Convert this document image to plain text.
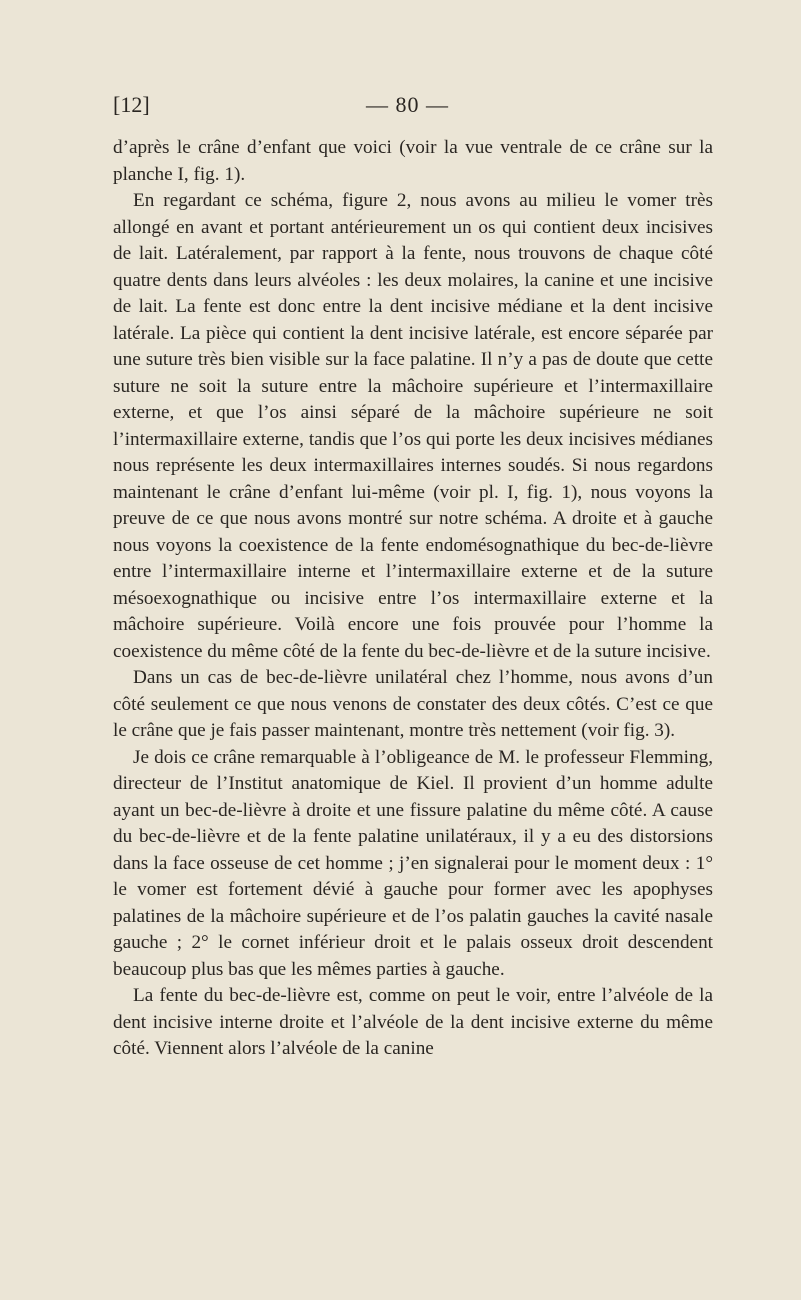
[12]	— 80 —

d’après le crâne d’enfant que voici (voir la vue ventrale de ce crâne sur la planche I, fig. 1).

En regardant ce schéma, figure 2, nous avons au milieu le vomer très allongé en avant et portant antérieurement un os qui contient deux incisives de lait. Latéralement, par rapport à la fente, nous trouvons de chaque côté quatre dents dans leurs alvéoles : les deux molaires, la canine et une incisive de lait. La fente est donc entre la dent incisive médiane et la dent incisive latérale. La pièce qui contient la dent incisive latérale, est encore séparée par une suture très bien visible sur la face palatine. Il n’y a pas de doute que cette suture ne soit la suture entre la mâchoire supérieure et l’intermaxillaire externe, et que l’os ainsi séparé de la mâchoire supérieure ne soit l’intermaxillaire externe, tandis que l’os qui porte les deux incisives médianes nous représente les deux intermaxillaires internes soudés. Si nous regardons maintenant le crâne d’enfant lui-même (voir pl. I, fig. 1), nous voyons la preuve de ce que nous avons montré sur notre schéma. A droite et à gauche nous voyons la coexistence de la fente endomésognathique du bec-de-lièvre entre l’intermaxillaire interne et l’intermaxillaire externe et de la suture mésoexognathique ou incisive entre l’os intermaxillaire externe et la mâchoire supérieure. Voilà encore une fois prouvée pour l’homme la coexistence du même côté de la fente du bec-de-lièvre et de la suture incisive.

Dans un cas de bec-de-lièvre unilatéral chez l’homme, nous avons d’un côté seulement ce que nous venons de constater des deux côtés. C’est ce que le crâne que je fais passer maintenant, montre très nettement (voir fig. 3).

Je dois ce crâne remarquable à l’obligeance de M. le professeur Flemming, directeur de l’Institut anatomique de Kiel. Il provient d’un homme adulte ayant un bec-de-lièvre à droite et une fissure palatine du même côté. A cause du bec-de-lièvre et de la fente palatine unilatéraux, il y a eu des distorsions dans la face osseuse de cet homme ; j’en signalerai pour le moment deux : 1° le vomer est fortement dévié à gauche pour former avec les apophyses palatines de la mâchoire supérieure et de l’os palatin gauches la cavité nasale gauche ; 2° le cornet inférieur droit et le palais osseux droit descendent beaucoup plus bas que les mêmes parties à gauche.

La fente du bec-de-lièvre est, comme on peut le voir, entre l’alvéole de la dent incisive interne droite et l’alvéole de la dent incisive externe du même côté. Viennent alors l’alvéole de la canine
